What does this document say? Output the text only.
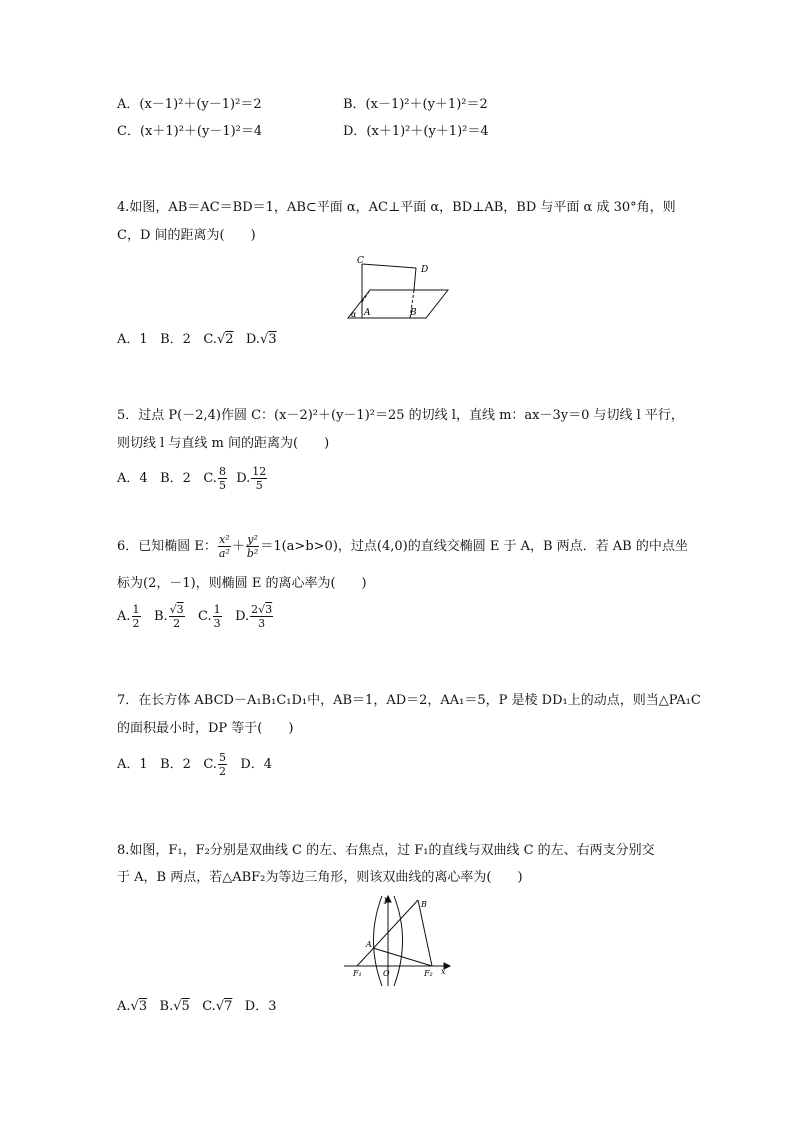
A．(x－1)²＋(y－1)²＝2	B．(x－1)²＋(y＋1)²＝2
C．(x＋1)²＋(y－1)²＝4	D．(x＋1)²＋(y＋1)²＝4
4.如图，AB＝AC＝BD＝1，AB⊂平面 α，AC⊥平面 α，BD⊥AB，BD 与平面 α 成 30°角，则
C，D 间的距离为(　　)
C
D
A	B
α
A．1 B．2 C.√2 D.√3
5．过点 P(－2,4)作圆 C：(x－2)²＋(y－1)²＝25 的切线 l，直线 m：ax－3y＝0 与切线 l 平行，
则切线 l 与直线 m 间的距离为(　　)
A．4 B．2 C. $\frac{8}{5} D$. $\frac{12}{5}$
6．已知椭圆 E： $\frac{\text{x²}}{\text{a²}} + \frac{\text{y²}}{\text{b²}} =1(a>b>0)$，过点(4,0)的直线交椭圆 E 于 A，B 两点．若 AB 的中点坐
标为(2，－1)，则椭圆 E 的离心率为(　　)
A. $\frac{1}{2} B$. $\frac{√3}{2} C$. $\frac{1}{3} D$. $\frac{2√3}{3}$
7．在长方体 ABCD－A₁B₁C₁D₁中，AB＝1，AD＝2，AA₁＝5，P 是棱 DD₁上的动点，则当△PA₁C
的面积最小时，DP 等于(　　)
A．1 B．2 C. $\frac{5}{2}$ D．4
8.如图，F₁，F₂分别是双曲线 C 的左、右焦点，过 F₁的直线与双曲线 C 的左、右两支分别交
于 A，B 两点，若△ABF₂为等边三角形，则该双曲线的离心率为(　　)
y
x
A
B
O
F₁	F₂
A.√3 B.√5 C.√7 D．3
